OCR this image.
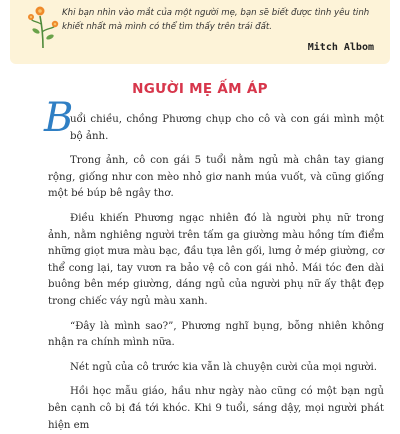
Khi bạn nhìn vào mắt của một người mẹ, bạn sẽ biết được tình yêu tinh khiết nhất mà mình có thể tìm thấy trên trái đất.
Mitch Albom
NGƯỜI MẸ ẤM ÁP
B
uổi chiều, chồng Phương chụp cho cô và con gái mình một bộ ảnh.
Trong ảnh, cô con gái 5 tuổi nằm ngủ mà chân tay giang rộng, giống như con mèo nhỏ giơ nanh múa vuốt, và cũng giống một bé búp bê ngây thơ.
Điều khiến Phương ngạc nhiên đó là người phụ nữ trong ảnh, nằm nghiêng người trên tấm ga giường màu hồng tím điểm những giọt mưa màu bạc, đầu tựa lên gối, lưng ở mép giường, cơ thể cong lại, tay vươn ra bảo vệ cô con gái nhỏ. Mái tóc đen dài buông bên mép giường, dáng ngủ của người phụ nữ ấy thật đẹp trong chiếc váy ngủ màu xanh.
“Đây là mình sao?”, Phương nghĩ bụng, bỗng nhiên không nhận ra chính mình nữa.
Nét ngủ của cô trước kia vẫn là chuyện cười của mọi người.
Hồi học mẫu giáo, hầu như ngày nào cũng có một bạn ngủ bên cạnh cô bị đá tới khóc. Khi 9 tuổi, sáng dậy, mọi người phát hiện em
